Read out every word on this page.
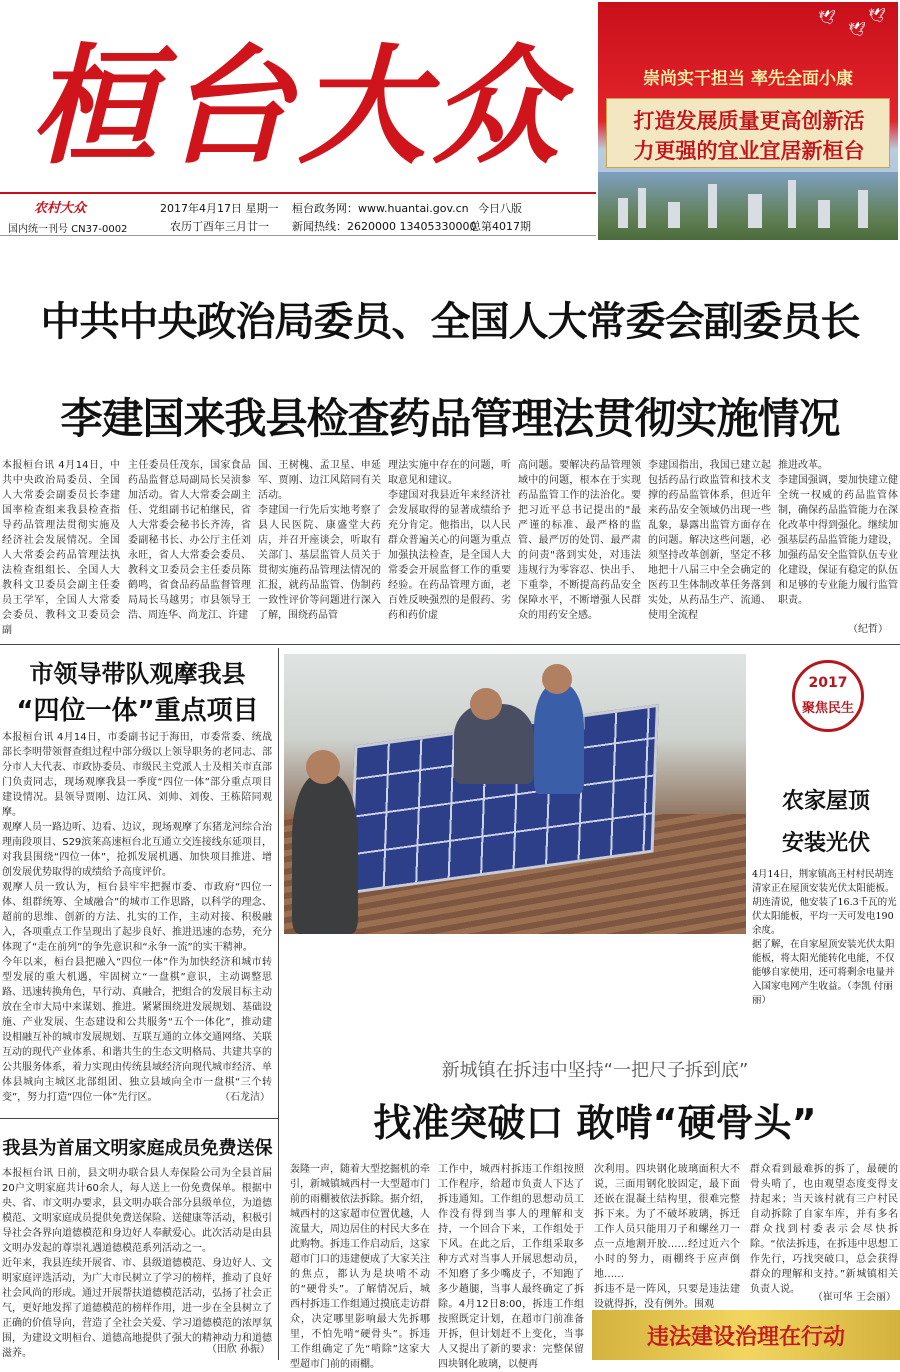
桓台大众
🕊
🕊
🕊
崇尚实干担当 率先全面小康
打造发展质量更高创新活
力更强的宜业宜居新桓台
农村大众
国内统一刊号 CN37-0002
2017年4月17日 星期一
农历丁酉年三月廿一
桓台政务网：www.huantai.gov.cn
新闻热线：2620000 13405330000
今日八版
总第4017期
中共中央政治局委员、全国人大常委会副委员长
李建国来我县检查药品管理法贯彻实施情况
本报桓台讯 4月14日，中共中央政治局委员、全国人大常委会副委员长李建国率检查组来我县检查指导药品管理法贯彻实施及经济社会发展情况。全国人大常委会药品管理法执法检查组组长、全国人大教科文卫委员会副主任委员王学军，全国人大常委会委员、教科文卫委员会副
主任委员任茂东，国家食品药品监督总局副局长吴浈参加活动。省人大常委会副主任、党组副书记柏继民，省人大常委会秘书长齐涛，省委副秘书长、办公厅主任刘永旺，省人大常委会委员、教科文卫委员会主任委员陈鹤鸣，省食品药品监督管理局局长马越男；市县领导王浩、周连华、尚龙江、许建
国、王树槐、孟卫星、申延军、贾刚、边江风陪同有关活动。
李建国一行先后实地考察了县人民医院、康盛堂大药店，并召开座谈会，听取有关部门、基层监管人员关于贯彻实施药品管理法情况的汇报，就药品监管、伪制药一致性评价等问题进行深入了解，围绕药品管
理法实施中存在的问题，听取意见和建议。
李建国对我县近年来经济社会发展取得的显著成绩给予充分肯定。他指出，以人民群众普遍关心的问题为重点加强执法检查，是全国人大常委会开展监督工作的重要经验。在药品管理方面，老百姓反映强烈的是假药、劣药和药价虚
高问题。要解决药品管理领域中的问题，根本在于实现药品监管工作的法治化。要把习近平总书记提出的"最严谨的标准、最严格的监管、最严厉的处罚、最严肃的问责"落到实处，对违法违规行为零容忍、快出手、下重拳，不断提高药品安全保障水平，不断增强人民群众的用药安全感。
李建国指出，我国已建立起包括药品行政监管和技术支撑的药品监管体系，但近年来药品安全领域仍出现一些乱象，暴露出监管方面存在的问题。解决这些问题，必须坚持改革创新，坚定不移地把十八届三中全会确定的医药卫生体制改革任务落到实处，从药品生产、流通、使用全流程
推进改革。
李建国强调，要加快建立健全统一权威的药品监管体制，确保药品监管能力在深化改革中得到强化。继续加强基层药品监管能力建设，加强药品安全监管队伍专业化建设，保证有稳定的队伍和足够的专业能力履行监管职责。
（纪哲）
市领导带队观摩我县
“四位一体”重点项目
本报桓台讯 4月14日，市委副书记于海田，市委常委、统战部长李明带领督查组过程中部分级以上领导职务的老同志、部分市人大代表、市政协委员、市级民主党派人士及相关市直部门负责同志，现场观摩我县一季度“四位一体”部分重点项目建设情况。县领导贾刚、边江风、刘帅、刘俊、王栋陪同观摩。
观摩人员一路边听、边看、边议，现场观摩了东猪龙河综合治理南段项目、S29滨莱高速桓台北互通立交连接线东延项目，对我县围绕“四位一体”，抢抓发展机遇、加快项目推进、增创发展优势取得的成绩给予高度评价。
观摩人员一致认为，桓台县牢牢把握市委、市政府“四位一体、组群统筹、全域融合”的城市工作思路，以科学的理念、超前的思维、创新的方法、扎实的工作，主动对接、积极融入，各项重点工作呈现出了起步良好、推进迅速的态势，充分体现了“走在前列”的争先意识和“永争一流”的实干精神。
今年以来，桓台县把融入“四位一体”作为加快经济和城市转型发展的重大机遇，牢固树立“一盘棋”意识，主动调整思路、迅速转换角色，早行动、真融合，把组合的发展目标主动放在全市大局中来谋划、推进。紧紧围绕进发展规划、基础设施、产业发展、生态建设和公共服务“五个一体化”，推动建设相融互补的城市发展规划、互联互通的立体交通网络、关联互动的现代产业体系、和谐共生的生态文明格局、共建共享的公共服务体系，着力实现由传统县域经济向现代城市经济、单体县城向主城区北部组团、独立县域向全市一盘棋“三个转变”，努力打造“四位一体”先行区。	（石龙洁）
2017
聚焦民生
农家屋顶
安装光伏
4月14日，荆家镇高王村村民胡连清家正在屋顶安装光伏太阳能板。胡连清说，他安装了16.3千瓦的光伏太阳能板，平均一天可发电190余度。
据了解，在自家屋顶安装光伏太阳能板，将太阳光能转化电能，不仅能够自家使用，还可将剩余电量并入国家电网产生收益。（李凯 付丽丽）
新城镇在拆违中坚持“一把尺子拆到底”
找准突破口 敢啃“硬骨头”
轰隆一声，随着大型挖掘机的牵引，新城镇城西村一大型超市门前的雨棚被依法拆除。据介绍，城西村的这家超市位置优越，人流量大，周边居住的村民大多在此购物。拆违工作启动后，这家超市门口的违建便成了大家关注的焦点，都认为是块啃不动的“硬骨头”。了解情况后，城西村拆违工作组通过摸底走访群众，决定哪里影响最大先拆哪里，不怕先啃“硬骨头”。拆违工作组确定了先“啃除”这家大型超市门前的雨棚。
工作中，城西村拆违工作组按照工作程序，给超市负责人下达了拆违通知。工作组的思想动员工作没有得到当事人的理解和支持，一个回合下来，工作组处于下风。在此之后，工作组采取多种方式对当事人开展思想动员，不知磨了多少嘴皮子，不知跑了多少趟腿，当事人最终确定了拆除。4月12日8:00，拆违工作组按照既定计划，在超市门前准备开拆，但计划赶不上变化，当事人又提出了新的要求：完整保留四块钢化玻璃，以便再
次利用。四块钢化玻璃面积大不说，三面用钢化胶固定，最下面还嵌在混凝土结构里，很难完整拆下来。为了不破坏玻璃，拆迁工作人员只能用刀子和螺丝刀一点一点地割开胶……经过近六个小时的努力，雨棚终于应声倒地……
拆违不是一阵风，只要是违法建设就得拆，没有例外。围观
群众看到最难拆的拆了，最硬的骨头啃了，也由观望态度变得支持起来；当天该村就有三户村民自动拆除了自家车库，并有多名群众找到村委表示会尽快拆除。“依法拆违，在拆违中思想工作先行，巧找突破口，总会获得群众的理解和支持。”新城镇相关负责人说。
（崔可华 王会丽）
我县为首届文明家庭成员免费送保
本报桓台讯 日前，县文明办联合县人寿保险公司为全县首届20户文明家庭共计60余人，每人送上一份免费保单。根据中央、省、市文明办要求，县文明办联合部分县级单位，为道德模范、文明家庭成员提供免费送保险、送健康等活动，积极引导社会各界向道德模范和身边好人奉献爱心。此次活动是由县文明办发起的尊崇礼遇道德模范系列活动之一。
近年来，我县连续开展省、市、县级道德模范、身边好人、文明家庭评选活动，为广大市民树立了学习的榜样，推动了良好社会风尚的形成。通过开展帮扶道德模范活动，弘扬了社会正气，更好地发挥了道德模范的榜样作用，进一步在全县树立了正确的价值导向，营造了全社会关爱、学习道德模范的浓厚氛围，为建设文明桓台、道德高地提供了强大的精神动力和道德滋养。	（田欣 孙振）	违法建设治理在行动
